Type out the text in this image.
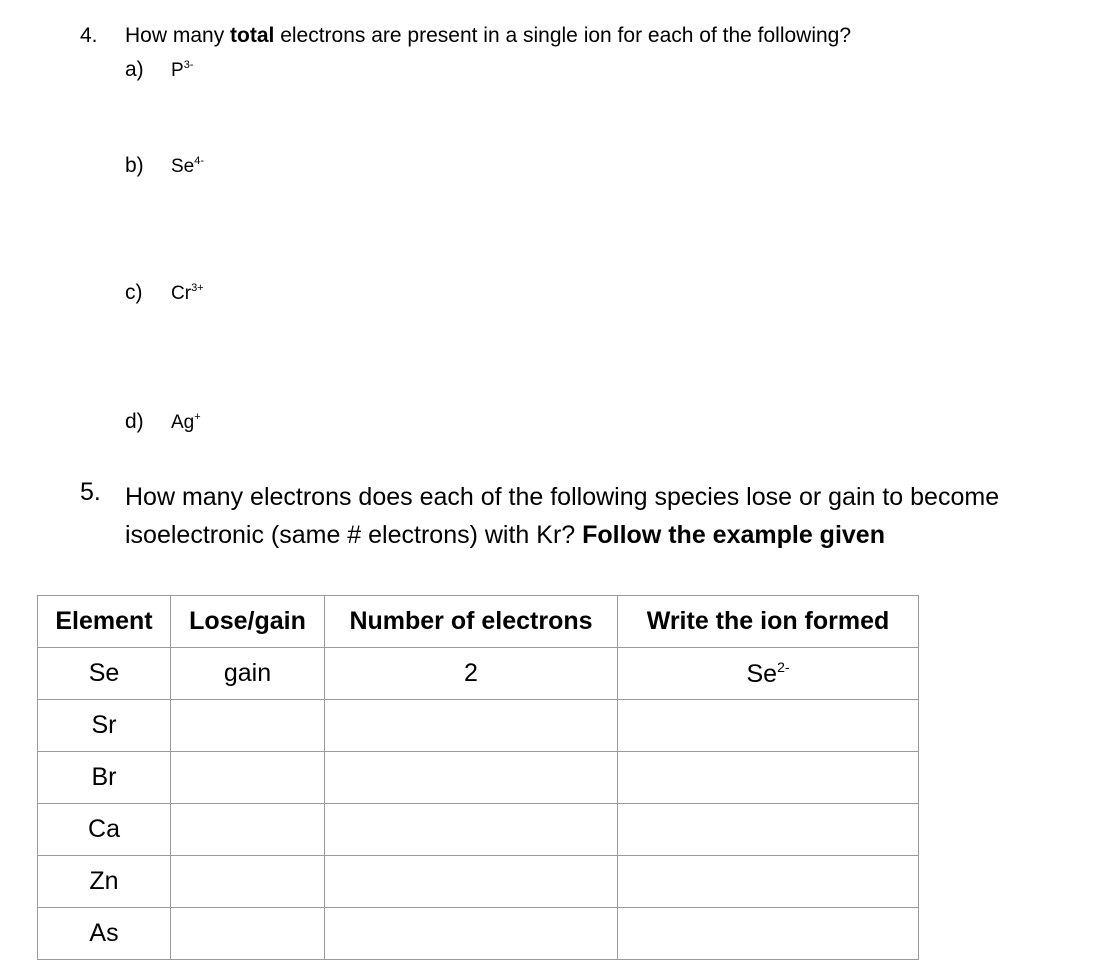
4. How many total electrons are present in a single ion for each of the following?
a) $P^{3-}$
b) $Se^{4-}$
c) $Cr^{3+}$
d) Ag+
5. How many electrons does each of the following species lose or gain to become isoelectronic (same # electrons) with Kr? Follow the example given
Element	Lose/gain	Number of electrons	Write the ion formed
Se	gain	2	$Se^{2-}$
Sr			
Br			
Ca			
Zn			
As			
